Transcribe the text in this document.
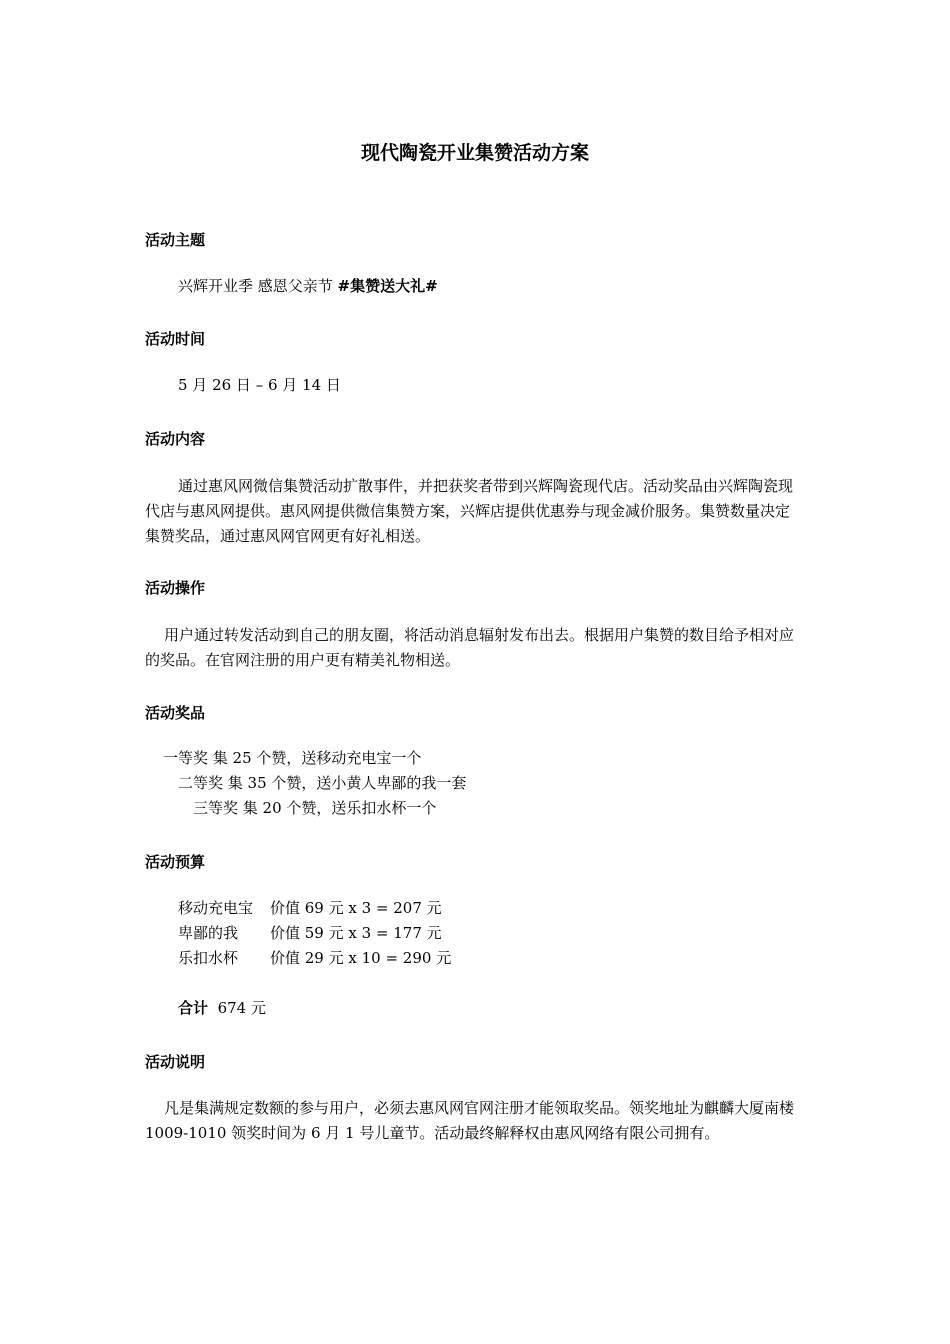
现代陶瓷开业集赞活动方案
活动主题
兴辉开业季 感恩父亲节 #集赞送大礼#
活动时间
5 月 26 日 – 6 月 14 日
活动内容
通过惠风网微信集赞活动扩散事件，并把获奖者带到兴辉陶瓷现代店。活动奖品由兴辉陶瓷现代店与惠风网提供。惠风网提供微信集赞方案，兴辉店提供优惠券与现金减价服务。集赞数量决定集赞奖品，通过惠风网官网更有好礼相送。
活动操作
用户通过转发活动到自己的朋友圈，将活动消息辐射发布出去。根据用户集赞的数目给予相对应的奖品。在官网注册的用户更有精美礼物相送。
活动奖品
一等奖 集 25 个赞，送移动充电宝一个
二等奖 集 35 个赞，送小黄人卑鄙的我一套
三等奖 集 20 个赞，送乐扣水杯一个
活动预算
移动充电宝 价值 69 元 x 3 = 207 元
卑鄙的我 价值 59 元 x 3 = 177 元
乐扣水杯 价值 29 元 x 10 = 290 元
合计 674 元
活动说明
凡是集满规定数额的参与用户，必须去惠风网官网注册才能领取奖品。领奖地址为麒麟大厦南楼 1009-1010 领奖时间为 6 月 1 号儿童节。活动最终解释权由惠风网络有限公司拥有。
